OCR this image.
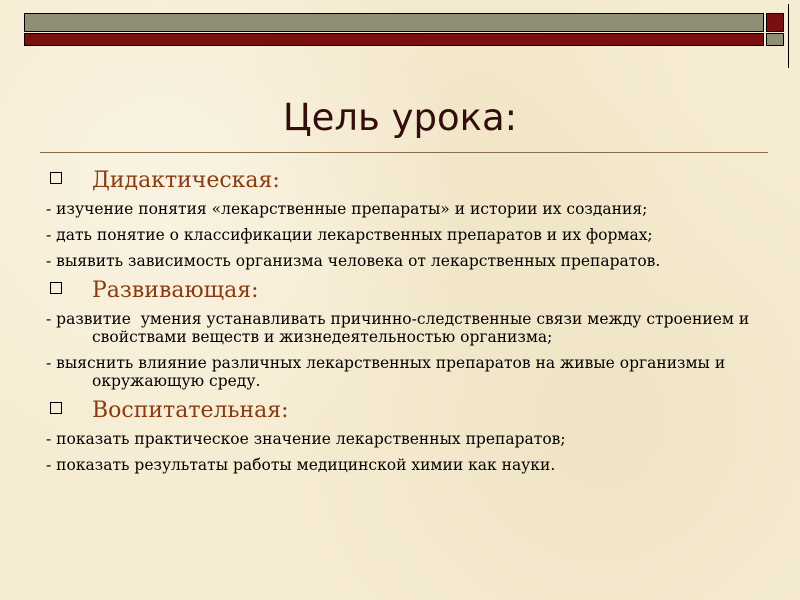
Цель урока:
Дидактическая:

- изучение понятия «лекарственные препараты» и истории их создания;

- дать понятие о классификации лекарственных препаратов и их формах;

- выявить зависимость организма человека от лекарственных препаратов.

Развивающая:

- развитие  умения устанавливать причинно-следственные связи между строением и свойствами веществ и жизнедеятельностью организма;

- выяснить влияние различных лекарственных препаратов на живые организмы и окружающую среду.

Воспитательная:

- показать практическое значение лекарственных препаратов;

- показать результаты работы медицинской химии как науки.
